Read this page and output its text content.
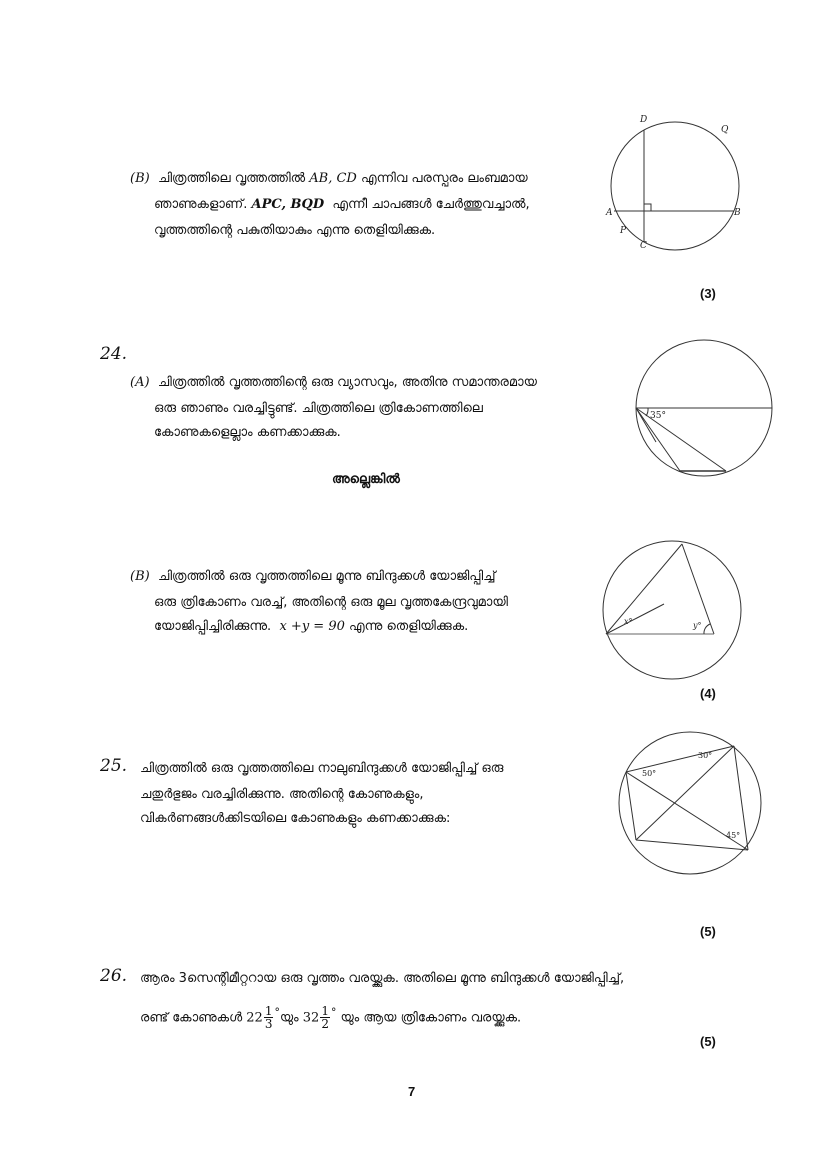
(B) ചിത്രത്തിലെ വൃത്തത്തിൽ AB, CD എന്നിവ പരസ്പരം ലംബമായ
ഞാണുകളാണ്. APC, BQD എന്നീ ചാപങ്ങൾ ചേർത്തുവച്ചാൽ,
വൃത്തത്തിന്റെ പകുതിയാകും എന്നു തെളിയിക്കുക.
D
Q
A	B
P
C
(3)
24.
(A) ചിത്രത്തിൽ വൃത്തത്തിന്റെ ഒരു വ്യാസവും, അതിനു സമാന്തരമായ
ഒരു ഞാണും വരച്ചിട്ടുണ്ട്. ചിത്രത്തിലെ ത്രികോണത്തിലെ
കോണുകളെല്ലാം കണക്കാക്കുക.
35°
അല്ലെങ്കിൽ
(B) ചിത്രത്തിൽ ഒരു വൃത്തത്തിലെ മൂന്നു ബിന്ദുക്കൾ യോജിപ്പിച്ച്
ഒരു ത്രികോണം വരച്ച്, അതിന്റെ ഒരു മൂല വൃത്തകേന്ദ്രവുമായി
യോജിപ്പിച്ചിരിക്കുന്നു. x +y = 90 എന്നു തെളിയിക്കുക.	x°	y°
(4)
25. ചിത്രത്തിൽ ഒരു വൃത്തത്തിലെ നാലുബിന്ദുക്കൾ യോജിപ്പിച്ച് ഒരു
ചതുർഭുജം വരച്ചിരിക്കുന്നു. അതിന്റെ കോണുകളും,
വികർണങ്ങൾക്കിടയിലെ കോണുകളും കണക്കാക്കുക:
30°
50°
45°
(5)
26. ആരം 3സെന്റിമീറ്ററായ ഒരു വൃത്തം വരയ്ക്കുക. അതിലെ മൂന്നു ബിന്ദുക്കൾ യോജിപ്പിച്ച്,
രണ്ട് കോണുകൾ $22 \frac{1}{3}$ °യും $32 \frac{1}{2} ^\circ$ യും ആയ ത്രികോണം വരയ്ക്കുക.
(5)
7
